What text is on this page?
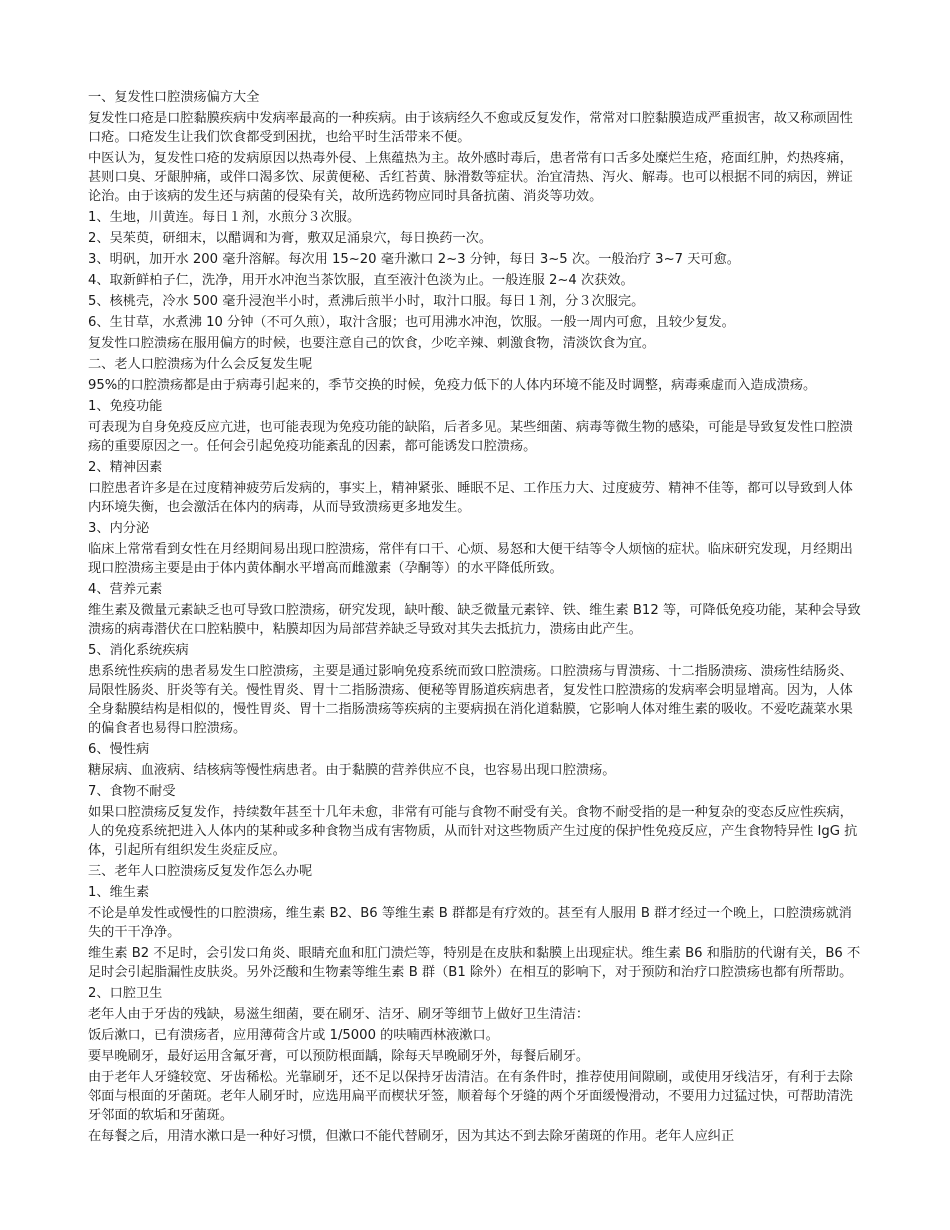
一、复发性口腔溃疡偏方大全

复发性口疮是口腔黏膜疾病中发病率最高的一种疾病。由于该病经久不愈或反复发作，常常对口腔黏膜造成严重损害，故又称顽固性口疮。口疮发生让我们饮食都受到困扰，也给平时生活带来不便。

中医认为，复发性口疮的发病原因以热毒外侵、上焦蕴热为主。故外感时毒后，患者常有口舌多处糜烂生疮，疮面红肿，灼热疼痛，甚则口臭、牙龈肿痛，或伴口渴多饮、尿黄便秘、舌红苔黄、脉滑数等症状。治宜清热、泻火、解毒。也可以根据不同的病因，辨证论治。由于该病的发生还与病菌的侵染有关，故所选药物应同时具备抗菌、消炎等功效。

1、生地，川黄连。每日１剂，水煎分３次服。

2、吴茱萸，研细末，以醋调和为膏，敷双足涌泉穴，每日换药一次。

3、明矾，加开水 200 毫升溶解。每次用 15~20 毫升漱口 2~3 分钟，每日 3~5 次。一般治疗 3~7 天可愈。

4、取新鲜柏子仁，洗净，用开水冲泡当茶饮服，直至液汁色淡为止。一般连服 2~4 次获效。

5、核桃壳，冷水 500 毫升浸泡半小时，煮沸后煎半小时，取汁口服。每日１剂，分３次服完。

6、生甘草，水煮沸 10 分钟（不可久煎），取汁含服；也可用沸水冲泡，饮服。一般一周内可愈，且较少复发。

复发性口腔溃疡在服用偏方的时候，也要注意自己的饮食，少吃辛辣、刺激食物，清淡饮食为宜。

二、老人口腔溃疡为什么会反复发生呢

95%的口腔溃疡都是由于病毒引起来的，季节交换的时候，免疫力低下的人体内环境不能及时调整，病毒乘虚而入造成溃疡。

1、免疫功能

可表现为自身免疫反应亢进，也可能表现为免疫功能的缺陷，后者多见。某些细菌、病毒等微生物的感染，可能是导致复发性口腔溃疡的重要原因之一。任何会引起免疫功能紊乱的因素，都可能诱发口腔溃疡。

2、精神因素

口腔患者许多是在过度精神疲劳后发病的，事实上，精神紧张、睡眠不足、工作压力大、过度疲劳、精神不佳等，都可以导致到人体内环境失衡，也会激活在体内的病毒，从而导致溃疡更多地发生。

3、内分泌

临床上常常看到女性在月经期间易出现口腔溃疡，常伴有口干、心烦、易怒和大便干结等令人烦恼的症状。临床研究发现，月经期出现口腔溃疡主要是由于体内黄体酮水平增高而雌激素（孕酮等）的水平降低所致。

4、营养元素

维生素及微量元素缺乏也可导致口腔溃疡，研究发现，缺叶酸、缺乏微量元素锌、铁、维生素 B12 等，可降低免疫功能，某种会导致溃疡的病毒潜伏在口腔粘膜中，粘膜却因为局部营养缺乏导致对其失去抵抗力，溃疡由此产生。

5、消化系统疾病

患系统性疾病的患者易发生口腔溃疡，主要是通过影响免疫系统而致口腔溃疡。口腔溃疡与胃溃疡、十二指肠溃疡、溃疡性结肠炎、局限性肠炎、肝炎等有关。慢性胃炎、胃十二指肠溃疡、便秘等胃肠道疾病患者，复发性口腔溃疡的发病率会明显增高。因为，人体全身黏膜结构是相似的，慢性胃炎、胃十二指肠溃疡等疾病的主要病损在消化道黏膜，它影响人体对维生素的吸收。不爱吃蔬菜水果的偏食者也易得口腔溃疡。

6、慢性病

糖尿病、血液病、结核病等慢性病患者。由于黏膜的营养供应不良，也容易出现口腔溃疡。

7、食物不耐受

如果口腔溃疡反复发作，持续数年甚至十几年未愈，非常有可能与食物不耐受有关。食物不耐受指的是一种复杂的变态反应性疾病，人的免疫系统把进入人体内的某种或多种食物当成有害物质，从而针对这些物质产生过度的保护性免疫反应，产生食物特异性 IgG 抗体，引起所有组织发生炎症反应。

三、老年人口腔溃疡反复发作怎么办呢
1、维生素

不论是单发性或慢性的口腔溃疡，维生素 B2、B6 等维生素 B 群都是有疗效的。甚至有人服用 B 群才经过一个晚上，口腔溃疡就消失的干干净净。

维生素 B2 不足时，会引发口角炎、眼睛充血和肛门溃烂等，特别是在皮肤和黏膜上出现症状。维生素 B6 和脂肪的代谢有关，B6 不足时会引起脂漏性皮肤炎。另外泛酸和生物素等维生素 B 群（B1 除外）在相互的影响下，对于预防和治疗口腔溃疡也都有所帮助。

2、口腔卫生

老年人由于牙齿的残缺，易滋生细菌，要在刷牙、洁牙、刷牙等细节上做好卫生清洁：

饭后漱口，已有溃疡者，应用薄荷含片或 1/5000 的呋喃西林液漱口。

要早晚刷牙，最好运用含氟牙膏，可以预防根面龋，除每天早晚刷牙外，每餐后刷牙。

由于老年人牙缝较宽、牙齿稀松。光靠刷牙，还不足以保持牙齿清洁。在有条件时，推荐使用间隙刷，或使用牙线洁牙，有利于去除邻面与根面的牙菌斑。老年人刷牙时，应选用扁平而楔状牙签，顺着每个牙缝的两个牙面缓慢滑动，不要用力过猛过快，可帮助清洗牙邻面的软垢和牙菌斑。

在每餐之后，用清水漱口是一种好习惯，但漱口不能代替刷牙，因为其达不到去除牙菌斑的作用。老年人应纠正
